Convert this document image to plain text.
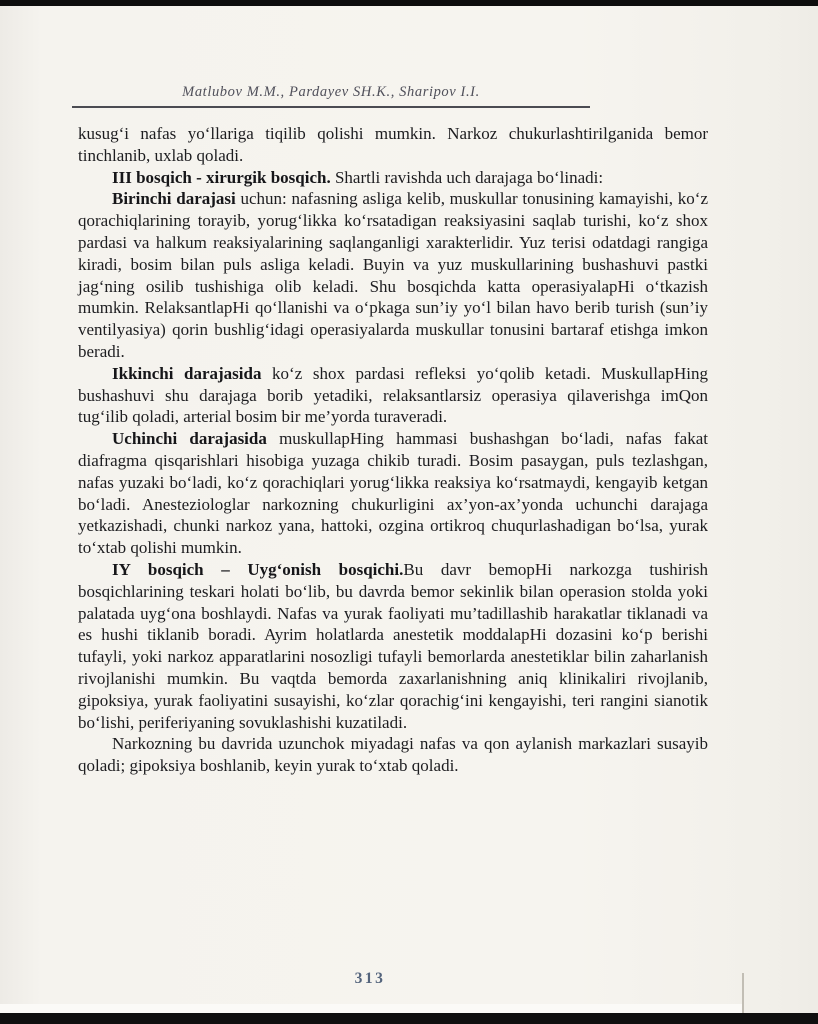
Matlubov M.M., Pardayev SH.K., Sharipov I.I.

kusug‘i nafas yo‘llariga tiqilib qolishi mumkin. Narkoz chukurlashtirilganida bemor tinchlanib, uxlab qoladi.

III bosqich - xirurgik bosqich. Shartli ravishda uch darajaga bo‘linadi:

Birinchi darajasi uchun: nafasning asliga kelib, muskullar tonusining kamayishi, ko‘z qorachiqlarining torayib, yorug‘likka ko‘rsatadigan reaksiyasini saqlab turishi, ko‘z shox pardasi va halkum reaksiyalarining saqlanganligi xarakterlidir. Yuz terisi odatdagi rangiga kiradi, bosim bilan puls asliga keladi. Buyin va yuz muskullarining bushashuvi pastki jag‘ning osilib tushishiga olib keladi. Shu bosqichda katta operasiyalapHi o‘tkazish mumkin. RelaksantlapHi qo‘llanishi va o‘pkaga sun’iy yo‘l bilan havo berib turish (sun’iy ventilyasiya) qorin bushlig‘idagi operasiyalarda muskullar tonusini bartaraf etishga imkon beradi.

Ikkinchi darajasida ko‘z shox pardasi refleksi yo‘qolib ketadi. MuskullapHing bushashuvi shu darajaga borib yetadiki, relaksantlarsiz operasiya qilaverishga imQon tug‘ilib qoladi, arterial bosim bir me’yorda turaveradi.

Uchinchi darajasida muskullapHing hammasi bushashgan bo‘ladi, nafas fakat diafragma qisqarishlari hisobiga yuzaga chikib turadi. Bosim pasaygan, puls tezlashgan, nafas yuzaki bo‘ladi, ko‘z qorachiqlari yorug‘likka reaksiya ko‘rsatmaydi, kengayib ketgan bo‘ladi. Anesteziologlar narkozning chukurligini ax’yon-ax’yonda uchunchi darajaga yetkazishadi, chunki narkoz yana, hattoki, ozgina ortikroq chuqurlashadigan bo‘lsa, yurak to‘xtab qolishi mumkin.

IY bosqich – Uyg‘onish bosqichi.Bu davr bemopHi narkozga tushirish bosqichlarining teskari holati bo‘lib, bu davrda bemor sekinlik bilan operasion stolda yoki palatada uyg‘ona boshlaydi. Nafas va yurak faoliyati mu’tadillashib harakatlar tiklanadi va es hushi tiklanib boradi. Ayrim holatlarda anestetik moddalapHi dozasini ko‘p berishi tufayli, yoki narkoz apparatlarini nosozligi tufayli bemorlarda anestetiklar bilin zaharlanish rivojlanishi mumkin. Bu vaqtda bemorda zaxarlanishning aniq klinikaliri rivojlanib, gipoksiya, yurak faoliyatini susayishi, ko‘zlar qorachig‘ini kengayishi, teri rangini sianotik bo‘lishi, periferiyaning sovuklashishi kuzatiladi.

Narkozning bu davrida uzunchok miyadagi nafas va qon aylanish markazlari susayib qoladi; gipoksiya boshlanib, keyin yurak to‘xtab qoladi.

313
